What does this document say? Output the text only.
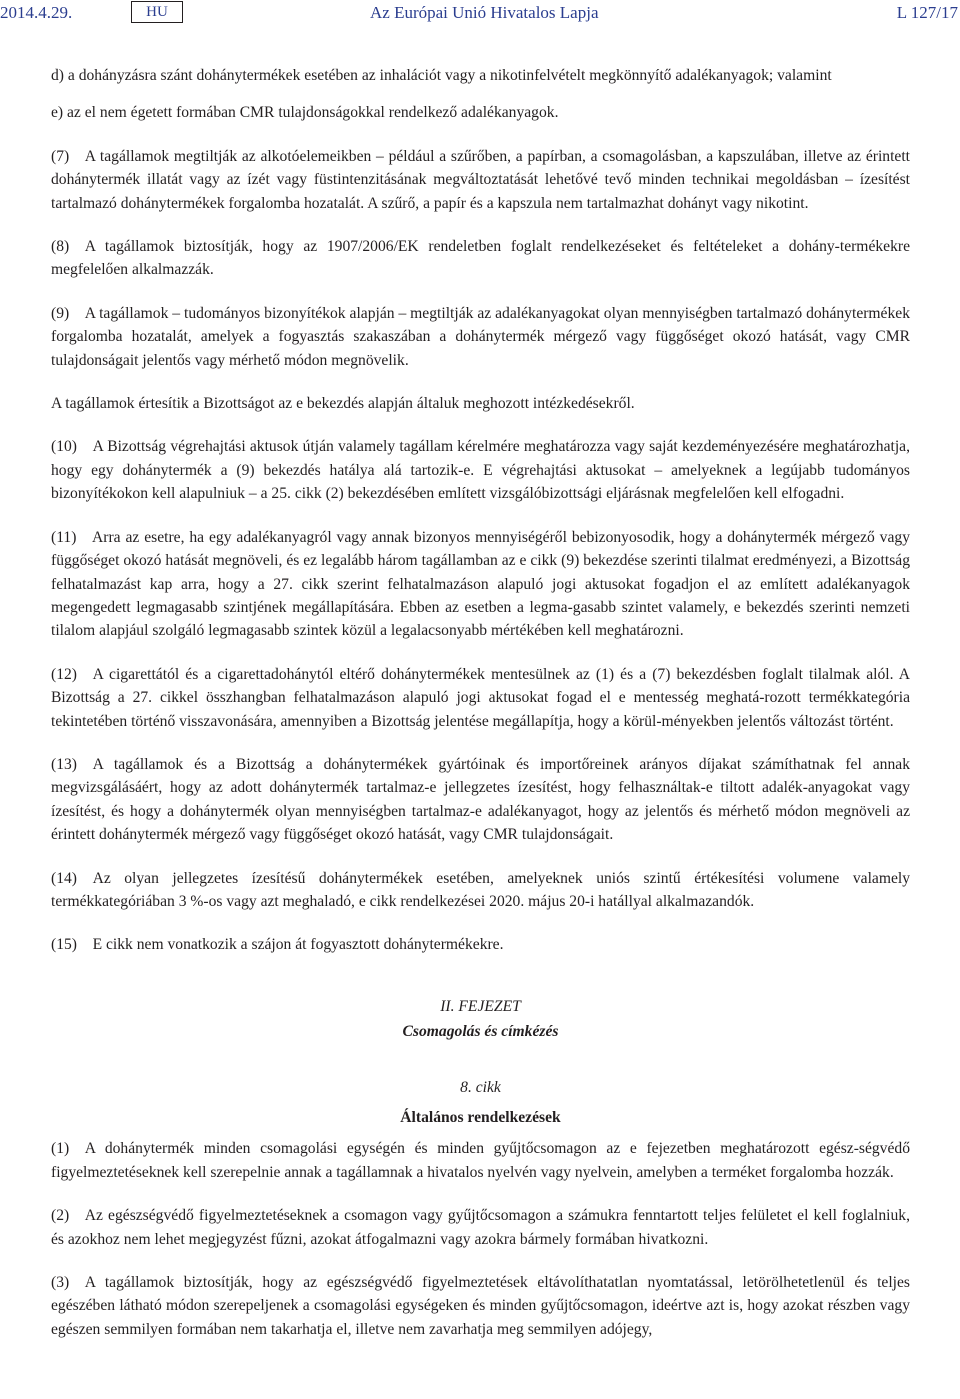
2014.4.29.	HU	Az Európai Unió Hivatalos Lapja	L 127/17

d) a dohányzásra szánt dohánytermékek esetében az inhalációt vagy a nikotinfelvételt megkönnyítő adalékanyagok; valamint

e) az el nem égetett formában CMR tulajdonságokkal rendelkező adalékanyagok.

(7) A tagállamok megtiltják az alkotóelemeikben – például a szűrőben, a papírban, a csomagolásban, a kapszulában, illetve az érintett dohánytermék illatát vagy az ízét vagy füstintenzitásának megváltoztatását lehetővé tevő minden technikai megoldásban – ízesítést tartalmazó dohánytermékek forgalomba hozatalát. A szűrő, a papír és a kapszula nem tartalmazhat dohányt vagy nikotint.

(8) A tagállamok biztosítják, hogy az 1907/2006/EK rendeletben foglalt rendelkezéseket és feltételeket a dohány-termékekre megfelelően alkalmazzák.

(9) A tagállamok – tudományos bizonyítékok alapján – megtiltják az adalékanyagokat olyan mennyiségben tartalmazó dohánytermékek forgalomba hozatalát, amelyek a fogyasztás szakaszában a dohánytermék mérgező vagy függőséget okozó hatását, vagy CMR tulajdonságait jelentős vagy mérhető módon megnövelik.

A tagállamok értesítik a Bizottságot az e bekezdés alapján általuk meghozott intézkedésekről.

(10) A Bizottság végrehajtási aktusok útján valamely tagállam kérelmére meghatározza vagy saját kezdeményezésére meghatározhatja, hogy egy dohánytermék a (9) bekezdés hatálya alá tartozik-e. E végrehajtási aktusokat – amelyeknek a legújabb tudományos bizonyítékokon kell alapulniuk – a 25. cikk (2) bekezdésében említett vizsgálóbizottsági eljárásnak megfelelően kell elfogadni.

(11) Arra az esetre, ha egy adalékanyagról vagy annak bizonyos mennyiségéről bebizonyosodik, hogy a dohánytermék mérgező vagy függőséget okozó hatását megnöveli, és ez legalább három tagállamban az e cikk (9) bekezdése szerinti tilalmat eredményezi, a Bizottság felhatalmazást kap arra, hogy a 27. cikk szerint felhatalmazáson alapuló jogi aktusokat fogadjon el az említett adalékanyagok megengedett legmagasabb szintjének megállapítására. Ebben az esetben a legma-gasabb szintet valamely, e bekezdés szerinti nemzeti tilalom alapjául szolgáló legmagasabb szintek közül a legalacsonyabb mértékében kell meghatározni.

(12) A cigarettától és a cigarettadohánytól eltérő dohánytermékek mentesülnek az (1) és a (7) bekezdésben foglalt tilalmak alól. A Bizottság a 27. cikkel összhangban felhatalmazáson alapuló jogi aktusokat fogad el e mentesség meghatá-rozott termékkategória tekintetében történő visszavonására, amennyiben a Bizottság jelentése megállapítja, hogy a körül-ményekben jelentős változást történt.

(13) A tagállamok és a Bizottság a dohánytermékek gyártóinak és importőreinek arányos díjakat számíthatnak fel annak megvizsgálásáért, hogy az adott dohánytermék tartalmaz-e jellegzetes ízesítést, hogy felhasználtak-e tiltott adalék-anyagokat vagy ízesítést, és hogy a dohánytermék olyan mennyiségben tartalmaz-e adalékanyagot, hogy az jelentős és mérhető módon megnöveli az érintett dohánytermék mérgező vagy függőséget okozó hatását, vagy CMR tulajdonságait.

(14) Az olyan jellegzetes ízesítésű dohánytermékek esetében, amelyeknek uniós szintű értékesítési volumene valamely termékkategóriában 3 %-os vagy azt meghaladó, e cikk rendelkezései 2020. május 20-i hatállyal alkalmazandók.

(15) E cikk nem vonatkozik a szájon át fogyasztott dohánytermékekre.

II. FEJEZET

Csomagolás és címkézés

8. cikk

Általános rendelkezések

(1) A dohánytermék minden csomagolási egységén és minden gyűjtőcsomagon az e fejezetben meghatározott egész-ségvédő figyelmeztetéseknek kell szerepelnie annak a tagállamnak a hivatalos nyelvén vagy nyelvein, amelyben a terméket forgalomba hozzák.

(2) Az egészségvédő figyelmeztetéseknek a csomagon vagy gyűjtőcsomagon a számukra fenntartott teljes felületet el kell foglalniuk, és azokhoz nem lehet megjegyzést fűzni, azokat átfogalmazni vagy azokra bármely formában hivatkozni.

(3) A tagállamok biztosítják, hogy az egészségvédő figyelmeztetések eltávolíthatatlan nyomtatással, letörölhetetlenül és teljes egészében látható módon szerepeljenek a csomagolási egységeken és minden gyűjtőcsomagon, ideértve azt is, hogy azokat részben vagy egészen semmilyen formában nem takarhatja el, illetve nem zavarhatja meg semmilyen adójegy,
